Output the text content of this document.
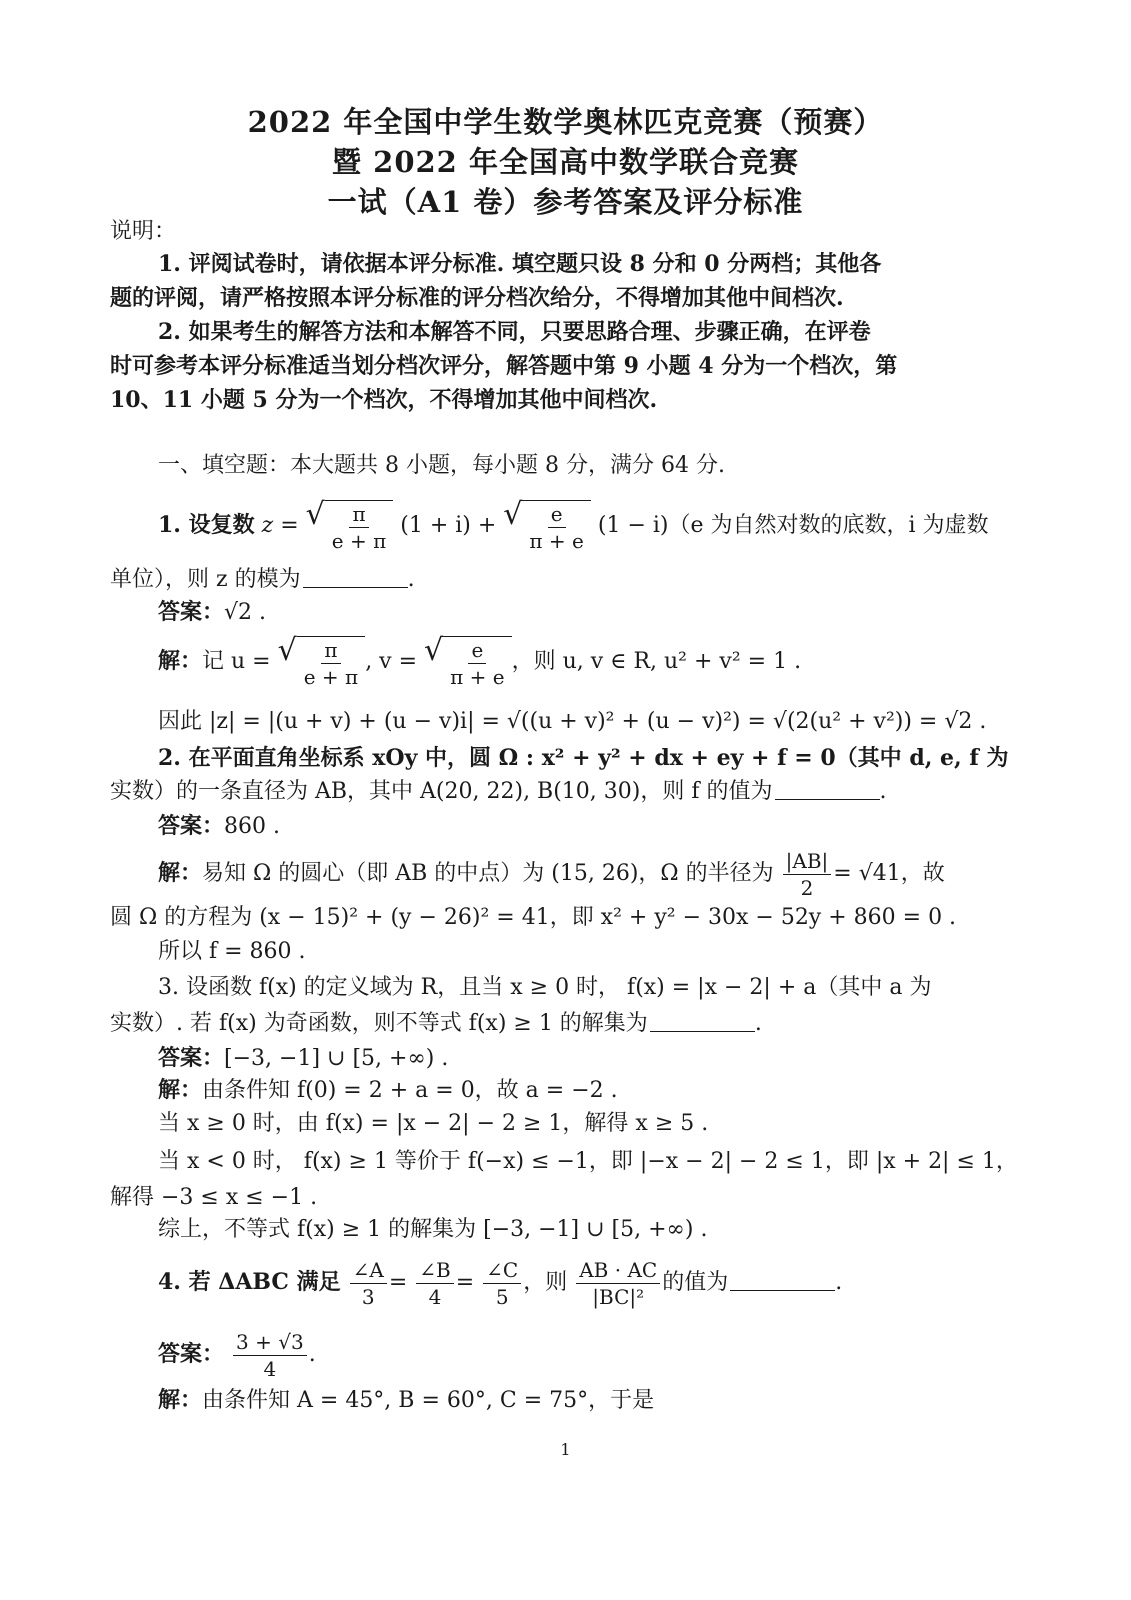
2022 年全国中学生数学奥林匹克竞赛（预赛）
暨 2022 年全国高中数学联合竞赛
一试（A1 卷）参考答案及评分标准
说明：
1. 评阅试卷时，请依据本评分标准. 填空题只设 8 分和 0 分两档；其他各
题的评阅，请严格按照本评分标准的评分档次给分，不得增加其他中间档次.
2. 如果考生的解答方法和本解答不同，只要思路合理、步骤正确，在评卷
时可参考本评分标准适当划分档次评分，解答题中第 9 小题 4 分为一个档次，第
10、11 小题 5 分为一个档次，不得增加其他中间档次.
一、填空题：本大题共 8 小题，每小题 8 分，满分 64 分.
1. 设复数 z = √ $\frac{\pi}{e + \pi} (1 + i)$ + √ $\frac{e}{\pi + e} (1 - i)(e$ 为自然对数的底数，i 为虚数
单位），则 z 的模为	.
答案：√2 .
解：记 u = √ $\frac{\pi}{e + \pi}$ , v = √ $\frac{e}{\pi + e}$ ，则 u, v ∈ R, u² + v² = 1 .
因此 |z| = |(u + v) + (u − v)i| = √((u + v)² + (u − v)²) = √(2(u² + v²)) = √2 .
2. 在平面直角坐标系 xOy 中，圆 Ω : x² + y² + dx + ey + f = 0（其中 d, e, f 为
实数）的一条直径为 AB，其中 A(20, 22), B(10, 30)，则 f 的值为	.
答案：860 .
解：易知 Ω 的圆心（即 AB 的中点）为 (15, 26)，Ω 的半径为 $\frac{|AB|}{2} = √41$，故
圆 Ω 的方程为 (x − 15)² + (y − 26)² = 41，即 x² + y² − 30x − 52y + 860 = 0 .
所以 f = 860 .
3. 设函数 f(x) 的定义域为 R，且当 x ≥ 0 时， f(x) = |x − 2| + a（其中 a 为
实数）. 若 f(x) 为奇函数，则不等式 f(x) ≥ 1 的解集为	.
答案：[−3, −1] ∪ [5, +∞) .
解：由条件知 f(0) = 2 + a = 0，故 a = −2 .
当 x ≥ 0 时，由 f(x) = |x − 2| − 2 ≥ 1，解得 x ≥ 5 .
当 x < 0 时， f(x) ≥ 1 等价于 f(−x) ≤ −1，即 |−x − 2| − 2 ≤ 1，即 |x + 2| ≤ 1，
解得 −3 ≤ x ≤ −1 .
综上，不等式 f(x) ≥ 1 的解集为 [−3, −1] ∪ [5, +∞) .
4. 若 ΔABC 满足 $\frac{\angle A}{3} = \frac{\angle B}{4} = \frac{\angle C}{5}$ ，则 $\frac{AB \cdot AC}{\text{|BC|²}}$ 的值为	.
答案： $\frac{3 + √3}{4}$ .
解：由条件知 A = 45°, B = 60°, C = 75°，于是
1
